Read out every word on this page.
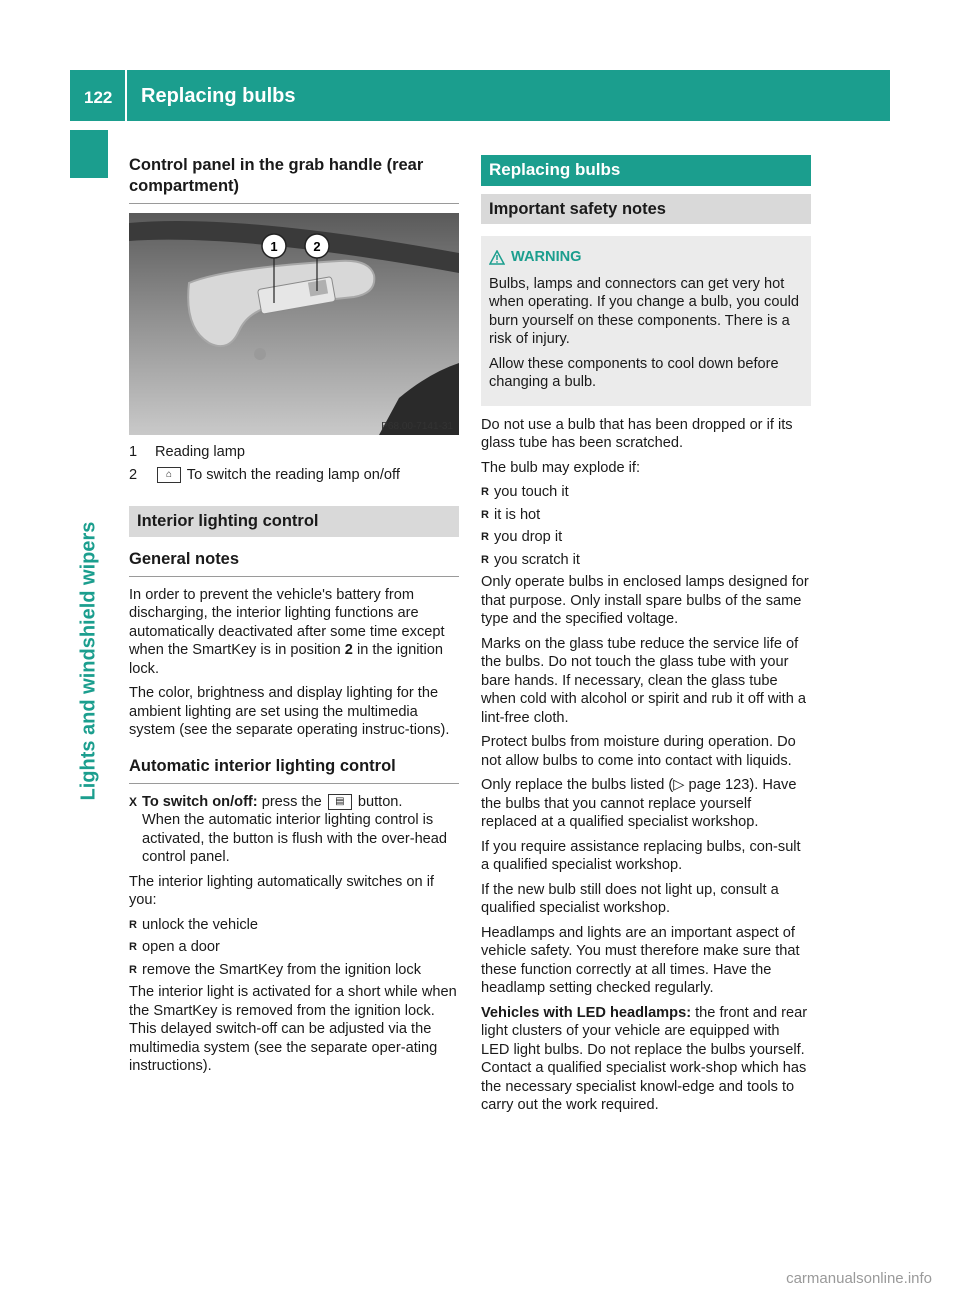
122 Replacing bulbs
Lights and windshield wipers
Control panel in the grab handle (rear compartment)
1	2
P68.00-7141-31
1	Reading lamp
2	⌂ To switch the reading lamp on/off
Interior lighting control
General notes

In order to prevent the vehicle's battery from discharging, the interior lighting functions are automatically deactivated after some time except when the SmartKey is in position 2 in the ignition lock.

The color, brightness and display lighting for the ambient lighting are set using the multimedia system (see the separate operating instruc-tions).

Automatic interior lighting control
X To switch on/off: press the ▤ button.
When the automatic interior lighting control is activated, the button is flush with the over-head control panel.

The interior lighting automatically switches on if you:

R unlock the vehicle
R open a door
R remove the SmartKey from the ignition lock

The interior light is activated for a short while when the SmartKey is removed from the ignition lock. This delayed switch-off can be adjusted via the multimedia system (see the separate oper-ating instructions).

Replacing bulbs
Important safety notes
WARNING

Bulbs, lamps and connectors can get very hot when operating. If you change a bulb, you could burn yourself on these components. There is a risk of injury.

Allow these components to cool down before changing a bulb.

Do not use a bulb that has been dropped or if its glass tube has been scratched.

The bulb may explode if:

R you touch it
R it is hot
R you drop it
R you scratch it

Only operate bulbs in enclosed lamps designed for that purpose. Only install spare bulbs of the same type and the specified voltage.

Marks on the glass tube reduce the service life of the bulbs. Do not touch the glass tube with your bare hands. If necessary, clean the glass tube when cold with alcohol or spirit and rub it off with a lint-free cloth.

Protect bulbs from moisture during operation. Do not allow bulbs to come into contact with liquids.

Only replace the bulbs listed (▷ page 123). Have the bulbs that you cannot replace yourself replaced at a qualified specialist workshop.

If you require assistance replacing bulbs, con-sult a qualified specialist workshop.

If the new bulb still does not light up, consult a qualified specialist workshop.

Headlamps and lights are an important aspect of vehicle safety. You must therefore make sure that these function correctly at all times. Have the headlamp setting checked regularly.

Vehicles with LED headlamps: the front and rear light clusters of your vehicle are equipped with LED light bulbs. Do not replace the bulbs yourself. Contact a qualified specialist work-shop which has the necessary specialist knowl-edge and tools to carry out the work required.

carmanualsonline.info
